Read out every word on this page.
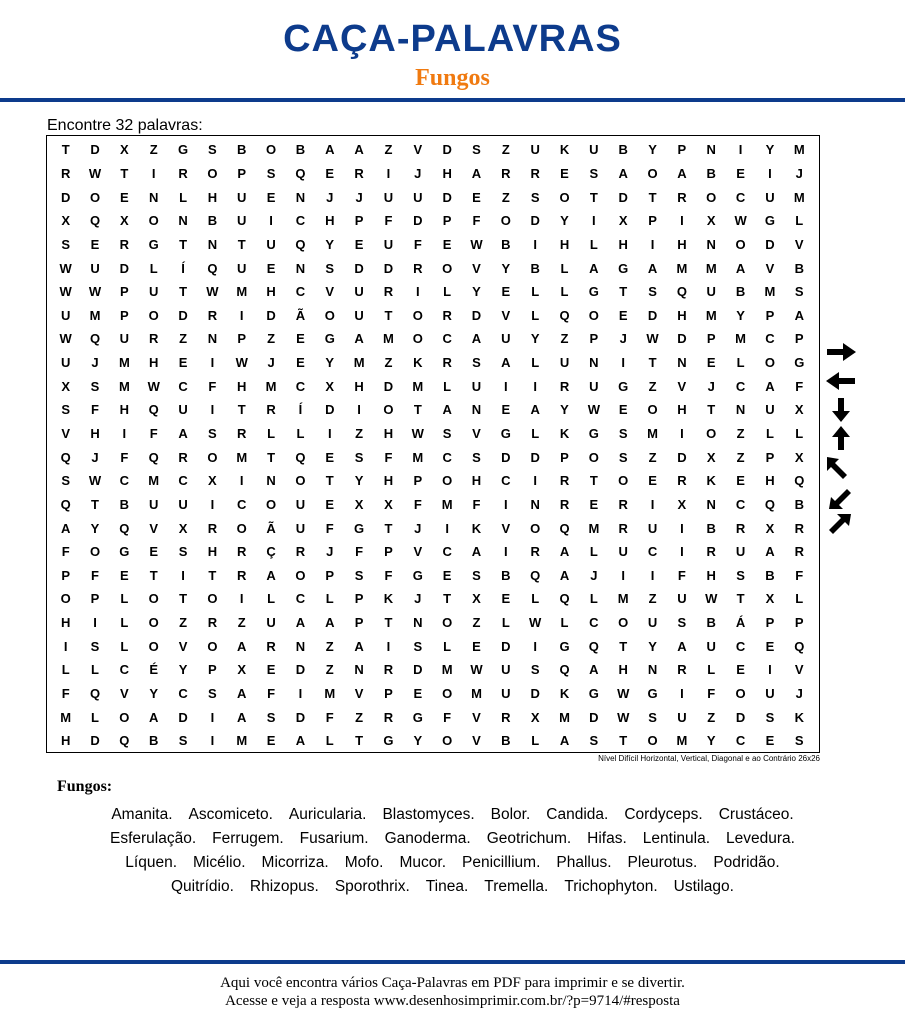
CAÇA-PALAVRAS
Fungos
Encontre 32 palavras:
T	D	X	Z	G	S	B	O	B	A	A	Z	V	D	S	Z	U	K	U	B	Y	P	N	I	Y	M
R	W	T	I	R	O	P	S	Q	E	R	I	J	H	A	R	R	E	S	A	O	A	B	E	I	J
D	O	E	N	L	H	U	E	N	J	J	U	U	D	E	Z	S	O	T	D	T	R	O	C	U	M
X	Q	X	O	N	B	U	I	C	H	P	F	D	P	F	O	D	Y	I	X	P	I	X	W	G	L
S	E	R	G	T	N	T	U	Q	Y	E	U	F	E	W	B	I	H	L	H	I	H	N	O	D	V
W	U	D	L	Í	Q	U	E	N	S	D	D	R	O	V	Y	B	L	A	G	A	M	M	A	V	B
W	W	P	U	T	W	M	H	C	V	U	R	I	L	Y	E	L	L	G	T	S	Q	U	B	M	S
U	M	P	O	D	R	I	D	Ã	O	U	T	O	R	D	V	L	Q	O	E	D	H	M	Y	P	A
W	Q	U	R	Z	N	P	Z	E	G	A	M	O	C	A	U	Y	Z	P	J	W	D	P	M	C	P
U	J	M	H	E	I	W	J	E	Y	M	Z	K	R	S	A	L	U	N	I	T	N	E	L	O	G
X	S	M	W	C	F	H	M	C	X	H	D	M	L	U	I	I	R	U	G	Z	V	J	C	A	F
S	F	H	Q	U	I	T	R	Í	D	I	O	T	A	N	E	A	Y	W	E	O	H	T	N	U	X
V	H	I	F	A	S	R	L	L	I	Z	H	W	S	V	G	L	K	G	S	M	I	O	Z	L	L
Q	J	F	Q	R	O	M	T	Q	E	S	F	M	C	S	D	D	P	O	S	Z	D	X	Z	P	X
S	W	C	M	C	X	I	N	O	T	Y	H	P	O	H	C	I	R	T	O	E	R	K	E	H	Q
Q	T	B	U	U	I	C	O	U	E	X	X	F	M	F	I	N	R	E	R	I	X	N	C	Q	B
A	Y	Q	V	X	R	O	Ã	U	F	G	T	J	I	K	V	O	Q	M	R	U	I	B	R	X	R
F	O	G	E	S	H	R	Ç	R	J	F	P	V	C	A	I	R	A	L	U	C	I	R	U	A	R
P	F	E	T	I	T	R	A	O	P	S	F	G	E	S	B	Q	A	J	I	I	F	H	S	B	F
O	P	L	O	T	O	I	L	C	L	P	K	J	T	X	E	L	Q	L	M	Z	U	W	T	X	L
H	I	L	O	Z	R	Z	U	A	A	P	T	N	O	Z	L	W	L	C	O	U	S	B	Á	P	P
I	S	L	O	V	O	A	R	N	Z	A	I	S	L	E	D	I	G	Q	T	Y	A	U	C	E	Q
L	L	C	É	Y	P	X	E	D	Z	N	R	D	M	W	U	S	Q	A	H	N	R	L	E	I	V
F	Q	V	Y	C	S	A	F	I	M	V	P	E	O	M	U	D	K	G	W	G	I	F	O	U	J
M	L	O	A	D	I	A	S	D	F	Z	R	G	F	V	R	X	M	D	W	S	U	Z	D	S	K
H	D	Q	B	S	I	M	E	A	L	T	G	Y	O	V	B	L	A	S	T	O	M	Y	C	E	S
Nível Difícil Horizontal, Vertical, Diagonal e ao Contrário 26x26
Fungos:
Amanita. Ascomiceto. Auricularia. Blastomyces. Bolor. Candida. Cordyceps. Crustáceo.
Esferulação. Ferrugem. Fusarium. Ganoderma. Geotrichum. Hifas. Lentinula. Levedura.
Líquen. Micélio. Micorriza. Mofo. Mucor. Penicillium. Phallus. Pleurotus. Podridão.
Quitrídio. Rhizopus. Sporothrix. Tinea. Tremella. Trichophyton. Ustilago.
Aqui você encontra vários Caça-Palavras em PDF para imprimir e se divertir.
Acesse e veja a resposta www.desenhosimprimir.com.br/?p=9714/#resposta
